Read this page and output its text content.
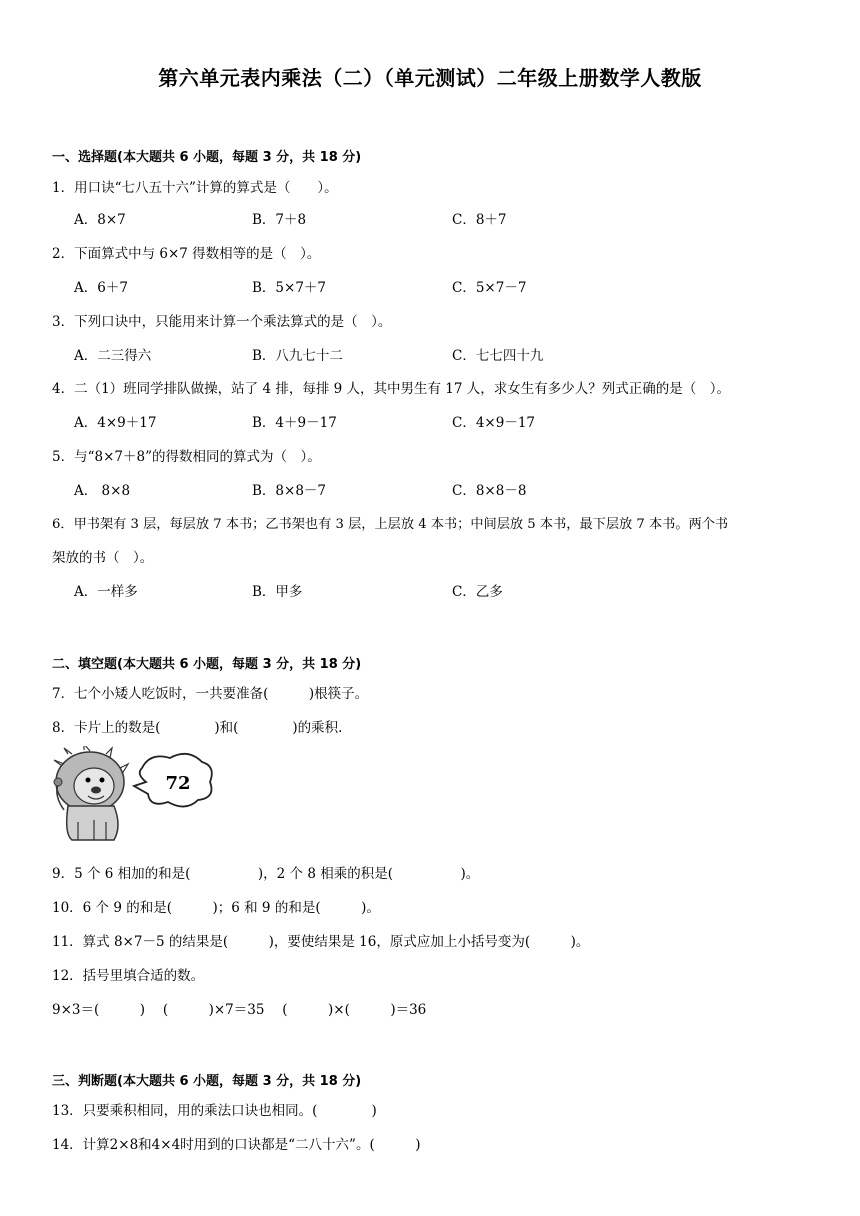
第六单元表内乘法（二）（单元测试）二年级上册数学人教版
一、选择题(本大题共 6 小题，每题 3 分，共 18 分)
1．用口诀“七八五十六”计算的算式是（　　）。
A．8×7	B．7＋8	C．8＋7
2．下面算式中与 6×7 得数相等的是（　）。
A．6＋7	B．5×7＋7	C．5×7－7
3．下列口诀中，只能用来计算一个乘法算式的是（　）。
A．二三得六	B．八九七十二	C．七七四十九
4．二（1）班同学排队做操，站了 4 排，每排 9 人，其中男生有 17 人，求女生有多少人？列式正确的是（　）。
A．4×9＋17	B．4＋9－17	C．4×9－17
5．与“8×7＋8”的得数相同的算式为（　）。
A． 8×8	B．8×8－7	C．8×8－8
6．甲书架有 3 层，每层放 7 本书；乙书架也有 3 层，上层放 4 本书；中间层放 5 本书，最下层放 7 本书。两个书
架放的书（　）。
A．一样多	B．甲多	C．乙多
二、填空题(本大题共 6 小题，每题 3 分，共 18 分)
7．七个小矮人吃饭时，一共要准备(　　　)根筷子。
8．卡片上的数是(　　　　)和(　　　　)的乘积.
72
9．5 个 6 相加的和是(　　　　　)，2 个 8 相乘的积是(　　　　　)。
10．6 个 9 的和是(　　　)；6 和 9 的和是(　　　)。
11．算式 8×7－5 的结果是(　　　)，要使结果是 16，原式应加上小括号变为(　　　)。
12．括号里填合适的数。
9×3＝(　　　)　 (　　　)×7＝35　 (　　　)×(　　　)＝36
三、判断题(本大题共 6 小题，每题 3 分，共 18 分)
13．只要乘积相同，用的乘法口诀也相同。(　　　　)
14．计算2×8和4×4时用到的口诀都是“二八十六”。(　　　)
